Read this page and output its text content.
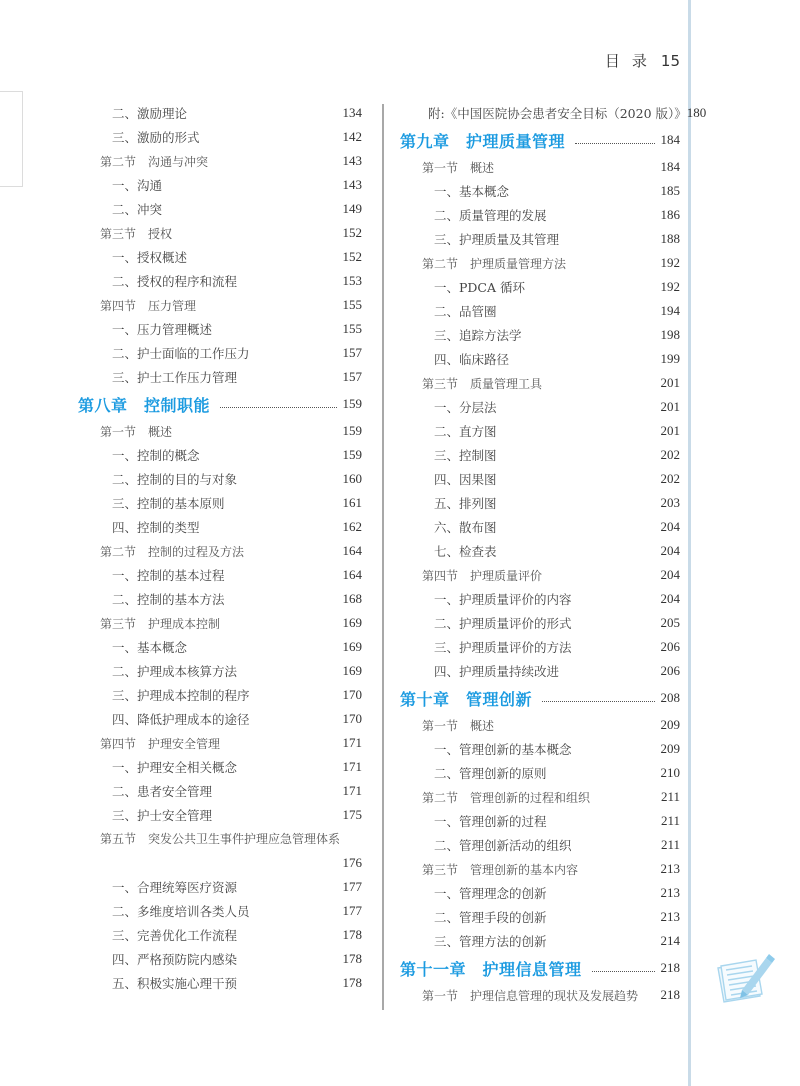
目 录 15
二、激励理论	134
三、激励的形式	142
第二节　沟通与冲突	143
一、沟通	143
二、冲突	149
第三节　授权	152
一、授权概述	152
二、授权的程序和流程	153
第四节　压力管理	155
一、压力管理概述	155
二、护士面临的工作压力	157
三、护士工作压力管理	157
第八章　控制职能	159
第一节　概述	159
一、控制的概念	159
二、控制的目的与对象	160
三、控制的基本原则	161
四、控制的类型	162
第二节　控制的过程及方法	164
一、控制的基本过程	164
二、控制的基本方法	168
第三节　护理成本控制	169
一、基本概念	169
二、护理成本核算方法	169
三、护理成本控制的程序	170
四、降低护理成本的途径	170
第四节　护理安全管理	171
一、护理安全相关概念	171
二、患者安全管理	171
三、护士安全管理	175
第五节　突发公共卫生事件护理应急管理体系
176
一、合理统筹医疗资源	177
二、多维度培训各类人员	177
三、完善优化工作流程	178
四、严格预防院内感染	178
五、积极实施心理干预	178
附:《中国医院协会患者安全目标（2020 版）》 180
第九章　护理质量管理	184
第一节　概述	184
一、基本概念	185
二、质量管理的发展	186
三、护理质量及其管理	188
第二节　护理质量管理方法	192
一、PDCA 循环	192
二、品管圈	194
三、追踪方法学	198
四、临床路径	199
第三节　质量管理工具	201
一、分层法	201
二、直方图	201
三、控制图	202
四、因果图	202
五、排列图	203
六、散布图	204
七、检查表	204
第四节　护理质量评价	204
一、护理质量评价的内容	204
二、护理质量评价的形式	205
三、护理质量评价的方法	206
四、护理质量持续改进	206
第十章　管理创新	208
第一节　概述	209
一、管理创新的基本概念	209
二、管理创新的原则	210
第二节　管理创新的过程和组织	211
一、管理创新的过程	211
二、管理创新活动的组织	211
第三节　管理创新的基本内容	213
一、管理理念的创新	213
二、管理手段的创新	213
三、管理方法的创新	214
第十一章　护理信息管理	218
第一节　护理信息管理的现状及发展趋势 218
